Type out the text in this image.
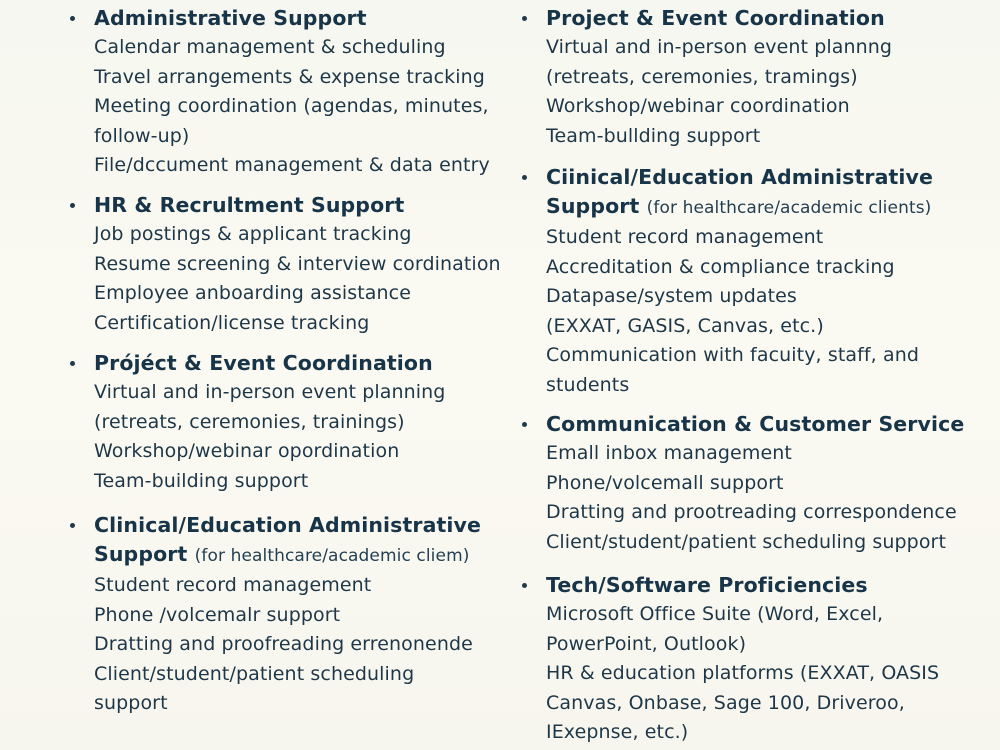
Administrative Support
Calendar management & scheduling
Travel arrangements & expense tracking
Meeting coordination (agendas, minutes,
follow-up)
File/dccument management & data entry
HR & Recrultment Support
Job postings & applicant tracking
Resume screening & interview cordination
Employee anboarding assistance
Certification/license tracking
Prójéct & Event Coordination
Virtual and in-person event planning
(retreats, ceremonies, trainings)
Workshop/webinar opordination
Team-building support
Clinical/Education Administrative
Support (for healthcare/academic cliem)
Student record management
Phone /volcemalr support
Dratting and proofreading errenonende
Client/student/patient scheduling
support
Project & Event Coordination
Virtual and in-person event plannng
(retreats, ceremonies, tramings)
Workshop/webinar coordination
Team-bullding support
Ciinical/Education Administrative
Support (for healthcare/academic clients)
Student record management
Accreditation & compliance tracking
Datapase/system updates
(EXXAT, GASIS, Canvas, etc.)
Communication with facuity, staff, and
students
Communication & Customer Service
Emall inbox management
Phone/volcemall support
Dratting and prootreading correspondence
Client/student/patient scheduling support
Tech/Software Proficiencies
Microsoft Office Suite (Word, Excel,
PowerPoint, Outlook)
HR & education platforms (EXXAT, OASIS
Canvas, Onbase, Sage 100, Driveroo,
IExepnse, etc.)
